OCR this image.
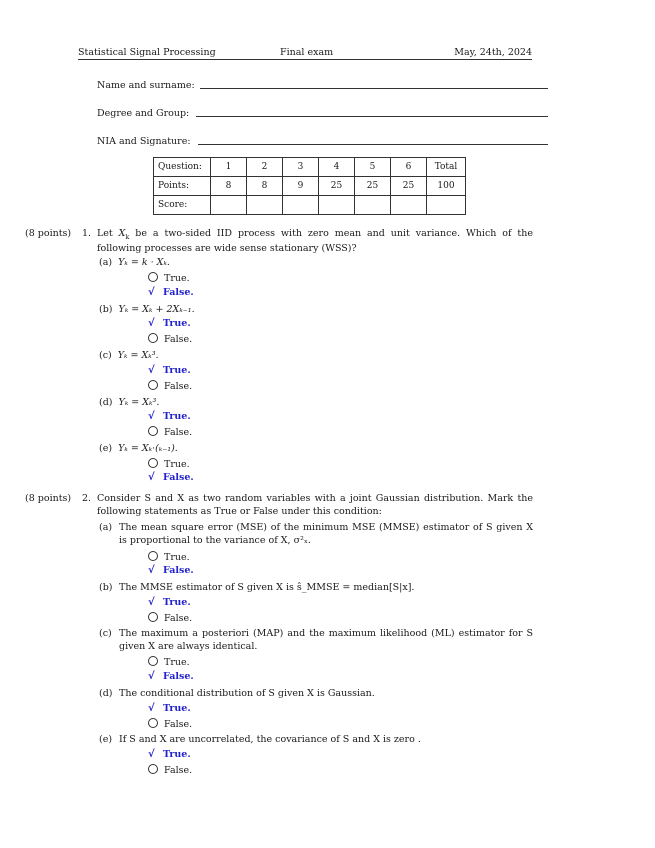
Statistical Signal Processing	Final exam	May, 24th, 2024
Name and surname:
Degree and Group:
NIA and Signature:
Question:	1	2	3	4	5	6	Total
Points:	8	8	9	25	25	25	100
Score:							
(8 points) 1. Let $X_k$ be a two-sided IID process with zero mean and unit variance. Which of the following processes are wide sense stationary (WSS)?
(a) Yₖ = k · Xₖ.
True.
√ False.
(b) Yₖ = Xₖ + 2Xₖ₋₁.
√ True.
False.
(c) Yₖ = Xₖ³.
√ True.
False.
(d) Yₖ = Xₖ³.
√ True.
False.
(e) Yₖ = Xₖ·(ₖ₋₁).
True.
√ False.
(8 points) 2. Consider S and X as two random variables with a joint Gaussian distribution. Mark the following statements as True or False under this condition:
(a) The mean square error (MSE) of the minimum MSE (MMSE) estimator of S given X is proportional to the variance of X, σ²ₓ.
True.
√ False.
(b) The MMSE estimator of S given X is ŝ_MMSE = median[S|x].
√ True.
False.
(c) The maximum a posteriori (MAP) and the maximum likelihood (ML) estimator for S given X are always identical.
True.
√ False.
(d) The conditional distribution of S given X is Gaussian.
√ True.
False.
(e) If S and X are uncorrelated, the covariance of S and X is zero .
√ True.
False.
